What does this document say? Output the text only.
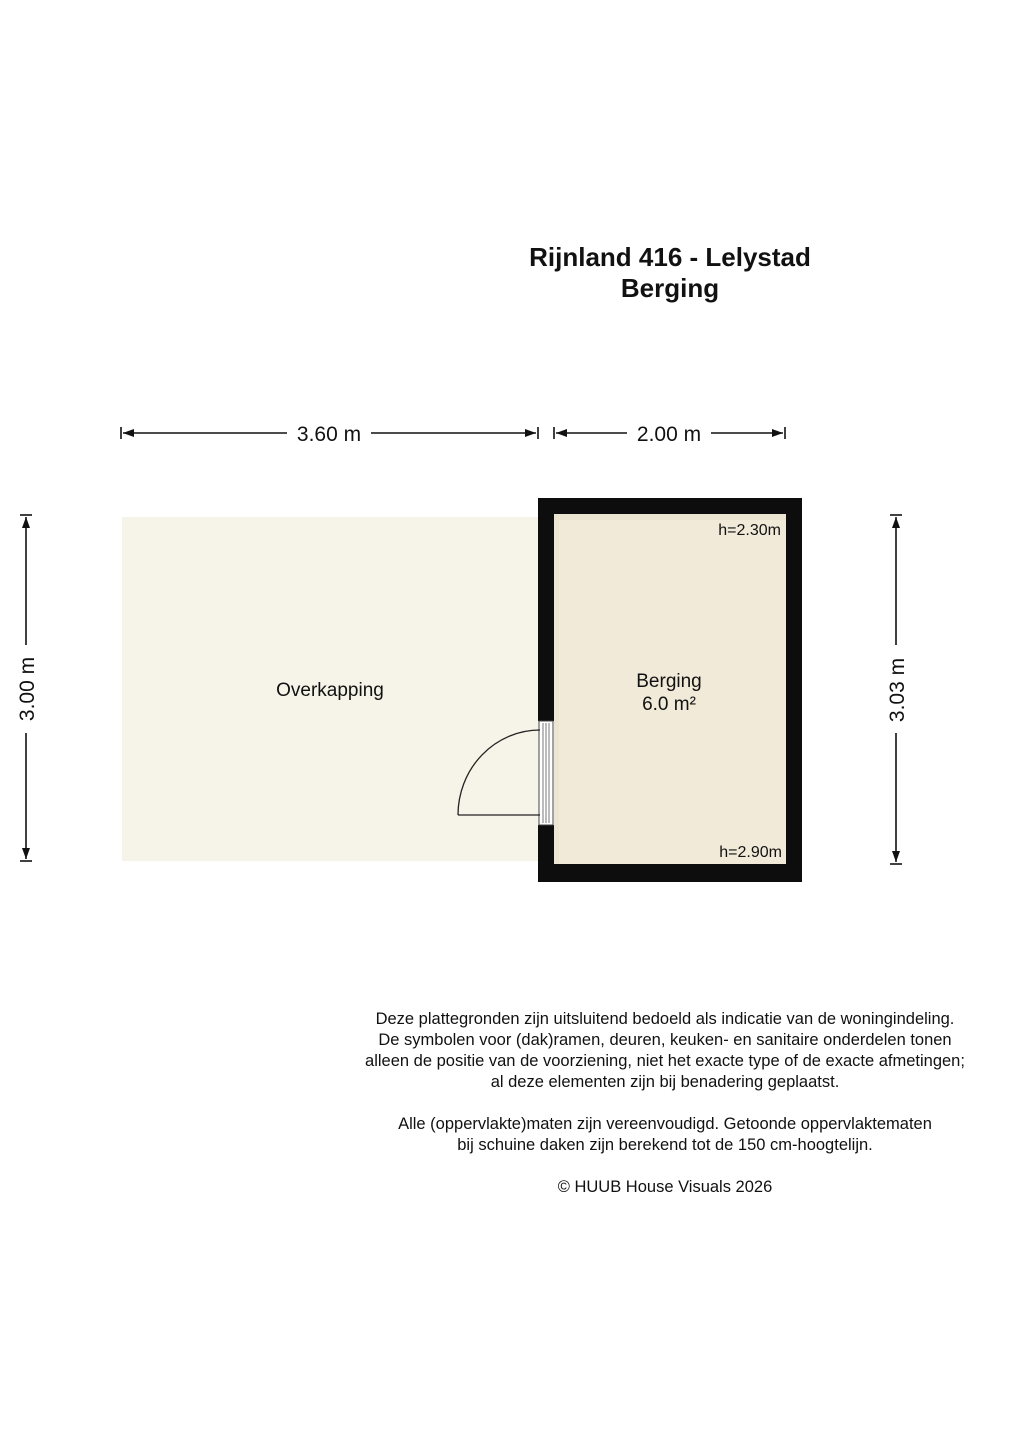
Rijnland 416 - Lelystad
Berging
3.60 m	2.00 m
3.00 m	3.03 m
Overkapping	Berging
6.0 m²
h=2.30m
h=2.90m

Deze plattegronden zijn uitsluitend bedoeld als indicatie van de woningindeling.

De symbolen voor (dak)ramen, deuren, keuken- en sanitaire onderdelen tonen

alleen de positie van de voorziening, niet het exacte type of de exacte afmetingen;

al deze elementen zijn bij benadering geplaatst.

Alle (oppervlakte)maten zijn vereenvoudigd. Getoonde oppervlaktematen

bij schuine daken zijn berekend tot de 150 cm-hoogtelijn.

© HUUB House Visuals 2026
